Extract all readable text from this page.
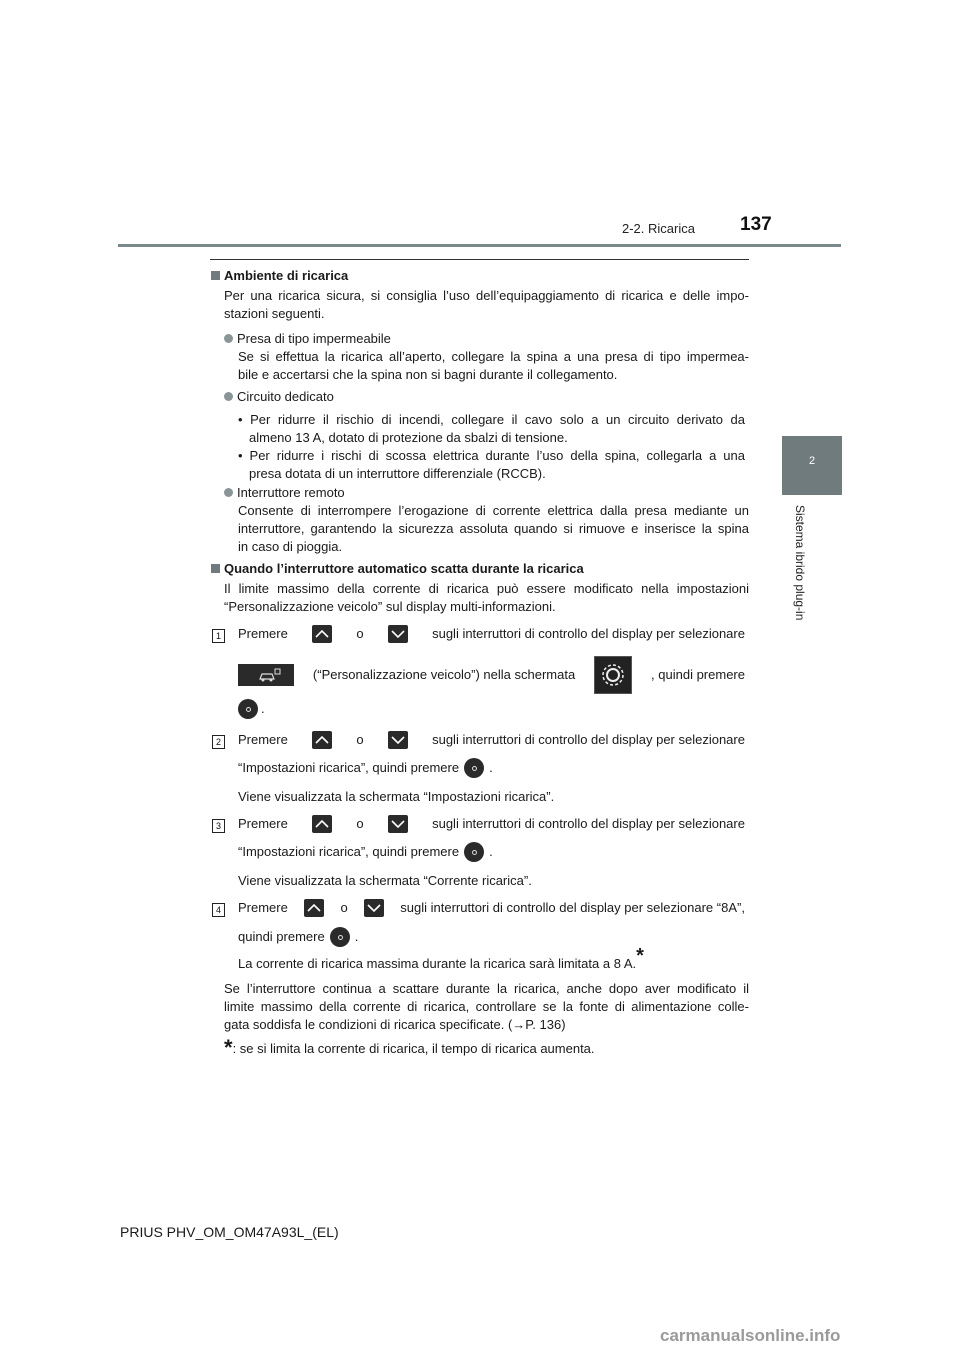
2-2. Ricarica 137
2
Sistema ibrido plug-in
Ambiente di ricarica
Per una ricarica sicura, si consiglia l’uso dell’equipaggiamento di ricarica e delle impo-
stazioni seguenti.
Presa di tipo impermeabile
Se si effettua la ricarica all’aperto, collegare la spina a una presa di tipo impermea-
bile e accertarsi che la spina non si bagni durante il collegamento.
Circuito dedicato
• Per ridurre il rischio di incendi, collegare il cavo solo a un circuito derivato da
almeno 13 A, dotato di protezione da sbalzi di tensione.
• Per ridurre i rischi di scossa elettrica durante l’uso della spina, collegarla a una
presa dotata di un interruttore differenziale (RCCB).
Interruttore remoto
Consente di interrompere l’erogazione di corrente elettrica dalla presa mediante un
interruttore, garantendo la sicurezza assoluta quando si rimuove e inserisce la spina
in caso di pioggia.
Quando l’interruttore automatico scatta durante la ricarica
Il limite massimo della corrente di ricarica può essere modificato nella impostazioni
“Personalizzazione veicolo” sul display multi-informazioni.
1	Premere	o	sugli interruttori di controllo del display per selezionare
(“Personalizzazione veicolo”) nella schermata	, quindi premere
.
2	Premere	o	sugli interruttori di controllo del display per selezionare
“Impostazioni ricarica”, quindi premere .
Viene visualizzata la schermata “Impostazioni ricarica”.
3	Premere	o	sugli interruttori di controllo del display per selezionare
“Impostazioni ricarica”, quindi premere .
Viene visualizzata la schermata “Corrente ricarica”.
4	Premere	o	sugli interruttori di controllo del display per selezionare “8A”,
quindi premere .
La corrente di ricarica massima durante la ricarica sarà limitata a 8 A.*
Se l’interruttore continua a scattare durante la ricarica, anche dopo aver modificato il
limite massimo della corrente di ricarica, controllare se la fonte di alimentazione colle-
gata soddisfa le condizioni di ricarica specificate. (→P. 136)
*: se si limita la corrente di ricarica, il tempo di ricarica aumenta.
PRIUS PHV_OM_OM47A93L_(EL)
carmanualsonline.info
